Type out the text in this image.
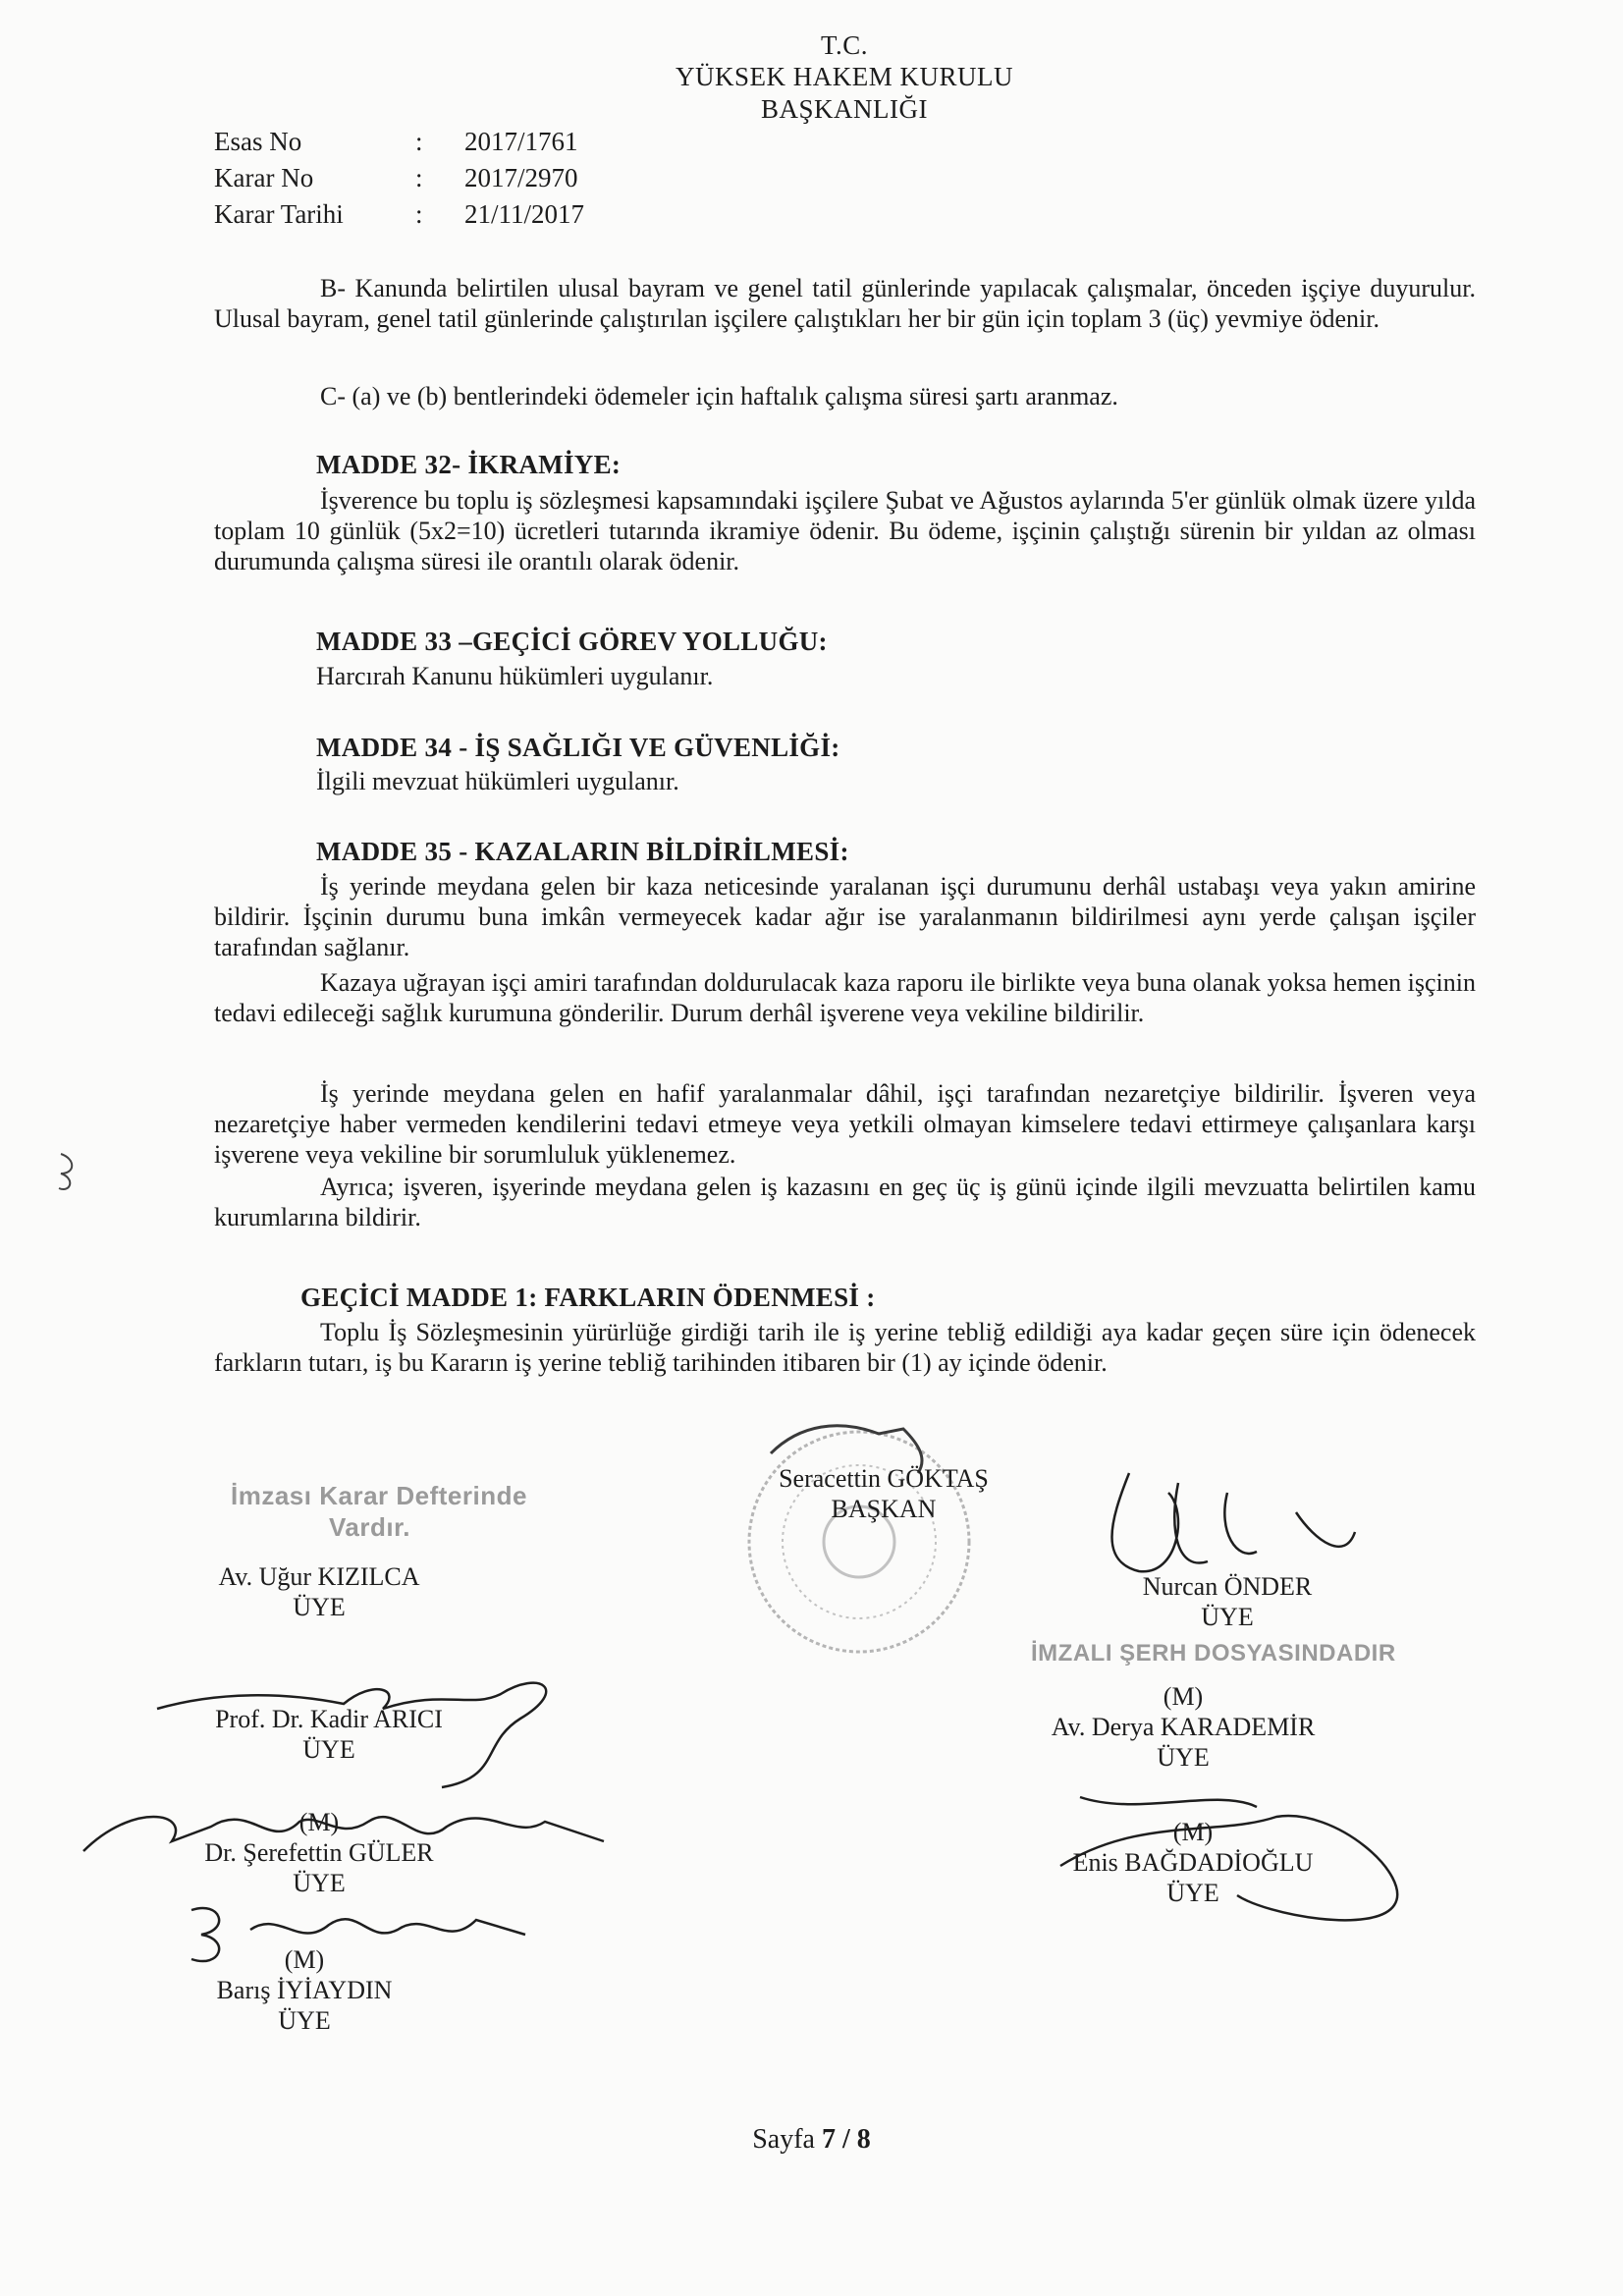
T.C.
YÜKSEK HAKEM KURULU
BAŞKANLIĞI
Esas No	: 2017/1761
Karar No	: 2017/2970
Karar Tarihi	: 21/11/2017
B- Kanunda belirtilen ulusal bayram ve genel tatil günlerinde yapılacak çalışmalar, önceden işçiye duyurulur. Ulusal bayram, genel tatil günlerinde çalıştırılan işçilere çalıştıkları her bir gün için toplam 3 (üç) yevmiye ödenir.
C- (a) ve (b) bentlerindeki ödemeler için haftalık çalışma süresi şartı aranmaz.
MADDE 32- İKRAMİYE:
İşverence bu toplu iş sözleşmesi kapsamındaki işçilere Şubat ve Ağustos aylarında 5'er günlük olmak üzere yılda toplam 10 günlük (5x2=10) ücretleri tutarında ikramiye ödenir. Bu ödeme, işçinin çalıştığı sürenin bir yıldan az olması durumunda çalışma süresi ile orantılı olarak ödenir.
MADDE 33 –GEÇİCİ GÖREV YOLLUĞU:
Harcırah Kanunu hükümleri uygulanır.
MADDE 34 - İŞ SAĞLIĞI VE GÜVENLİĞİ:
İlgili mevzuat hükümleri uygulanır.
MADDE 35 - KAZALARIN BİLDİRİLMESİ:
İş yerinde meydana gelen bir kaza neticesinde yaralanan işçi durumunu derhâl ustabaşı veya yakın amirine bildirir. İşçinin durumu buna imkân vermeyecek kadar ağır ise yaralanmanın bildirilmesi aynı yerde çalışan işçiler tarafından sağlanır.
Kazaya uğrayan işçi amiri tarafından doldurulacak kaza raporu ile birlikte veya buna olanak yoksa hemen işçinin tedavi edileceği sağlık kurumuna gönderilir. Durum derhâl işverene veya vekiline bildirilir.
İş yerinde meydana gelen en hafif yaralanmalar dâhil, işçi tarafından nezaretçiye bildirilir. İşveren veya nezaretçiye haber vermeden kendilerini tedavi etmeye veya yetkili olmayan kimselere tedavi ettirmeye çalışanlara karşı işverene veya vekiline bir sorumluluk yüklenemez.
Ayrıca; işveren, işyerinde meydana gelen iş kazasını en geç üç iş günü içinde ilgili mevzuatta belirtilen kamu kurumlarına bildirir.
GEÇİCİ MADDE 1: FARKLARIN ÖDENMESİ :
Toplu İş Sözleşmesinin yürürlüğe girdiği tarih ile iş yerine tebliğ edildiği aya kadar geçen süre için ödenecek farkların tutarı, iş bu Kararın iş yerine tebliğ tarihinden itibaren bir (1) ay içinde ödenir.
İmzası Karar Defterinde
Vardır.
İMZALI ŞERH DOSYASINDADIR
Seracettin GÖKTAŞ
BAŞKAN
Av. Uğur KIZILCA
ÜYE
Nurcan ÖNDER
ÜYE
Prof. Dr. Kadir ARICI
ÜYE
(M)
Av. Derya KARADEMİR
ÜYE
(M)
Dr. Şerefettin GÜLER
ÜYE
(M)
Enis BAĞDADİOĞLU
ÜYE
(M)
Barış İYİAYDIN
ÜYE
Sayfa 7 / 8
